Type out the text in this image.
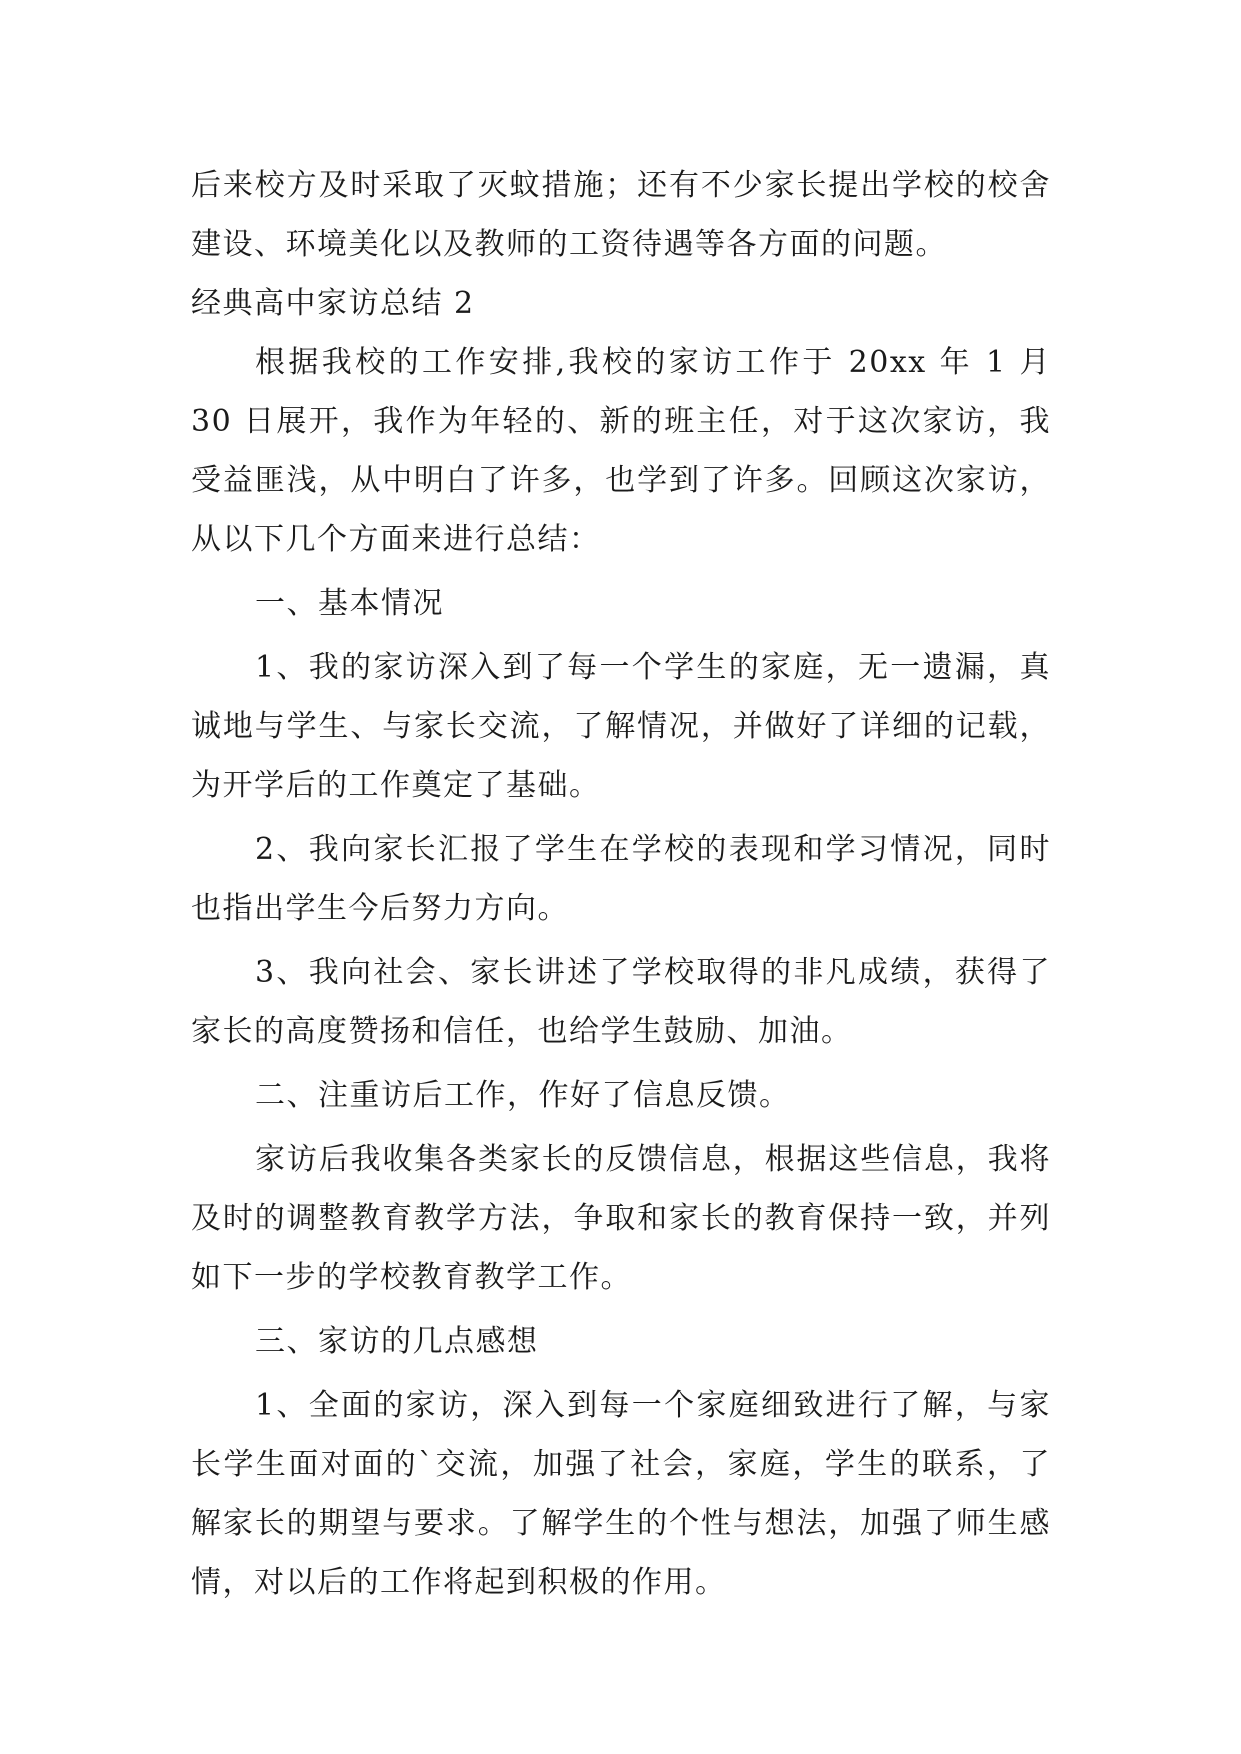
后来校方及时采取了灭蚊措施；还有不少家长提出学校的校舍建设、环境美化以及教师的工资待遇等各方面的问题。

经典高中家访总结 2

根据我校的工作安排,我校的家访工作于 20xx 年 1 月 30 日展开，我作为年轻的、新的班主任，对于这次家访，我受益匪浅，从中明白了许多，也学到了许多。回顾这次家访，从以下几个方面来进行总结：

一、基本情况

1、我的家访深入到了每一个学生的家庭，无一遗漏，真诚地与学生、与家长交流，了解情况，并做好了详细的记载，为开学后的工作奠定了基础。

2、我向家长汇报了学生在学校的表现和学习情况，同时也指出学生今后努力方向。

3、我向社会、家长讲述了学校取得的非凡成绩，获得了家长的高度赞扬和信任，也给学生鼓励、加油。

二、注重访后工作，作好了信息反馈。

家访后我收集各类家长的反馈信息，根据这些信息，我将及时的调整教育教学方法，争取和家长的教育保持一致，并列如下一步的学校教育教学工作。

三、家访的几点感想

1、全面的家访，深入到每一个家庭细致进行了解，与家长学生面对面的`交流，加强了社会，家庭，学生的联系，了解家长的期望与要求。了解学生的个性与想法，加强了师生感情，对以后的工作将起到积极的作用。
